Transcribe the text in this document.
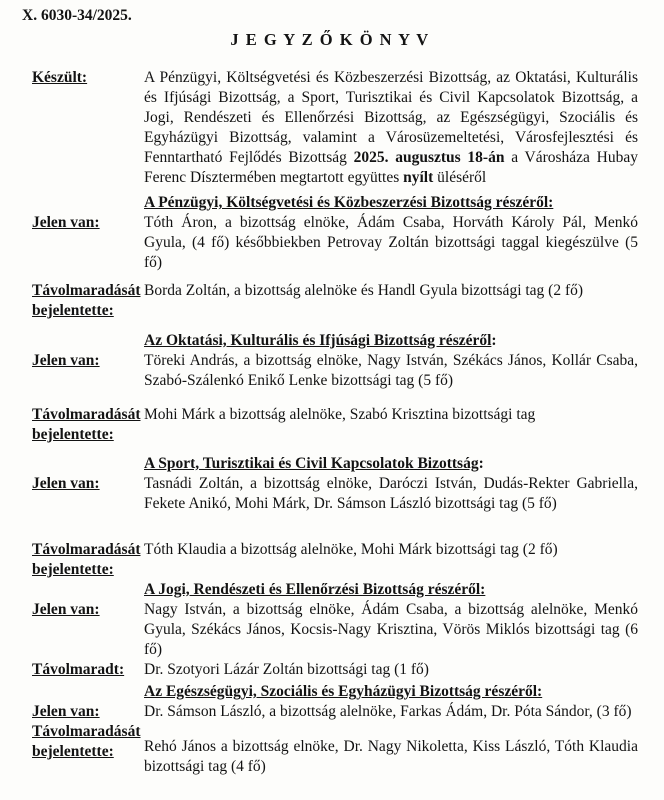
X. 6030-34/2025.
J E G Y Z Ő K Ö N Y V
Készült:	A Pénzügyi, Költségvetési és Közbeszerzési Bizottság, az Oktatási, Kulturális és Ifjúsági Bizottság, a Sport, Turisztikai és Civil Kapcsolatok Bizottság, a Jogi, Rendészeti és Ellenőrzési Bizottság, az Egészségügyi, Szociális és Egyházügyi Bizottság, valamint a Városüzemeltetési, Városfejlesztési és Fenntartható Fejlődés Bizottság 2025. augusztus 18-án a Városháza Hubay Ferenc Dísztermében megtartott együttes nyílt üléséről
Jelen van:
A Pénzügyi, Költségvetési és Közbeszerzési Bizottság részéről:
Tóth Áron, a bizottság elnöke, Ádám Csaba, Horváth Károly Pál, Menkó Gyula, (4 fő) későbbiekben Petrovay Zoltán bizottsági taggal kiegészülve (5 fő)
Távolmaradását bejelentette:
Borda Zoltán, a bizottság alelnöke és Handl Gyula bizottsági tag (2 fő)
Jelen van:
Az Oktatási, Kulturális és Ifjúsági Bizottság részéről:
Töreki András, a bizottság elnöke, Nagy István, Székács János, Kollár Csaba, Szabó-Szálenkó Enikő Lenke bizottsági tag (5 fő)
Távolmaradását bejelentette:
Mohi Márk a bizottság alelnöke, Szabó Krisztina bizottsági tag
Jelen van:
A Sport, Turisztikai és Civil Kapcsolatok Bizottság:
Tasnádi Zoltán, a bizottság elnöke, Daróczi István, Dudás-Rekter Gabriella, Fekete Anikó, Mohi Márk, Dr. Sámson László bizottsági tag (5 fő)
Távolmaradását bejelentette:
Tóth Klaudia a bizottság alelnöke, Mohi Márk bizottsági tag (2 fő)
Jelen van:
A Jogi, Rendészeti és Ellenőrzési Bizottság részéről:
Nagy István, a bizottság elnöke, Ádám Csaba, a bizottság alelnöke, Menkó Gyula, Székács János, Kocsis-Nagy Krisztina, Vörös Miklós bizottsági tag (6 fő)
Távolmaradt:	Dr. Szotyori Lázár Zoltán bizottsági tag (1 fő)
Jelen van:
Az Egészségügyi, Szociális és Egyházügyi Bizottság részéről:
Dr. Sámson László, a bizottság alelnöke, Farkas Ádám, Dr. Póta Sándor, (3 fő)
Távolmaradását bejelentette:	Rehó János a bizottság elnöke, Dr. Nagy Nikoletta, Kiss László, Tóth Klaudia bizottsági tag (4 fő)
